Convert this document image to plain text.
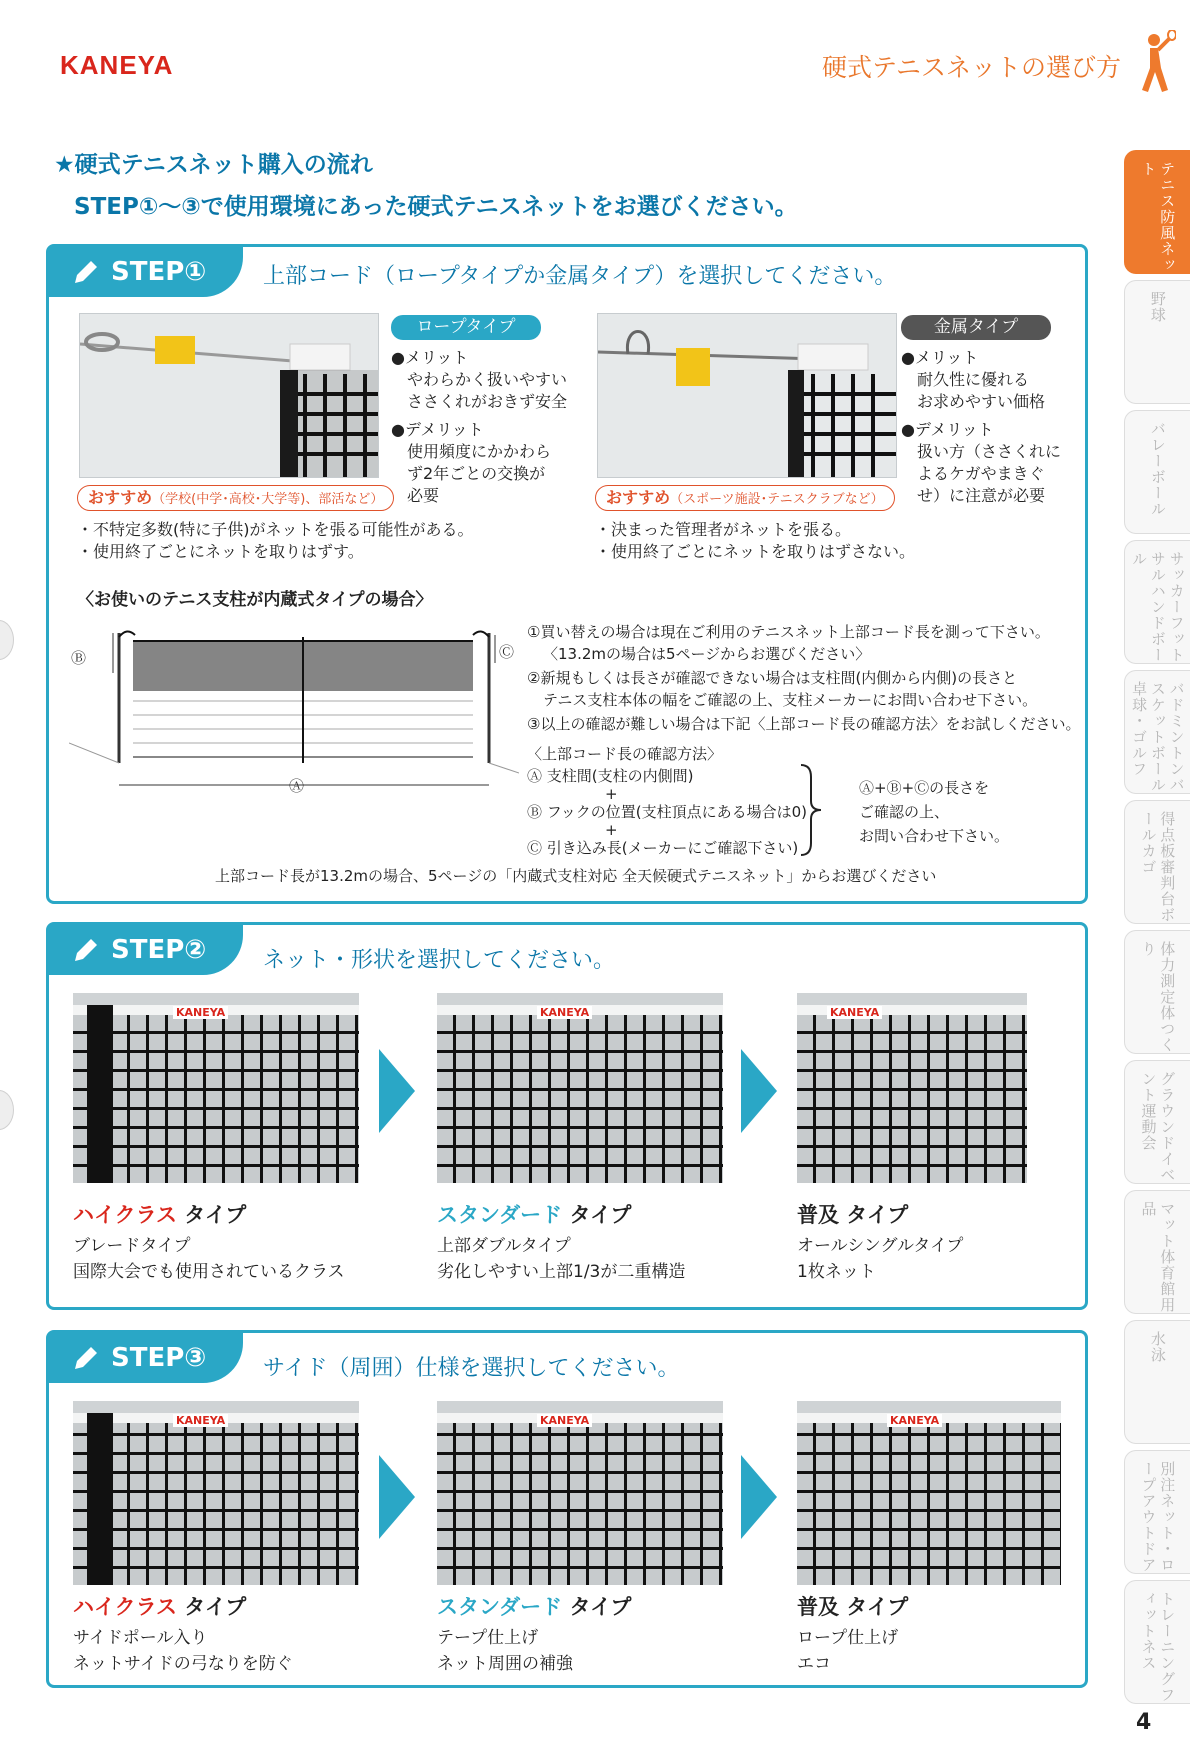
KANEYA	硬式テニスネットの選び方
テニス防風ネット
野球
バレーボール
サッカーフットサルハンドボール
バドミントンバスケットボール卓球・ゴルフ
得点板審判台ボールカゴ
体力測定体つくり
グラウンドイベント運動会
マット体育館用品
水泳
別注ネット・ロープアウトドア
トレーニングフィットネス
★硬式テニスネット購入の流れ
STEP①～③で使用環境にあった硬式テニスネットをお選びください。
STEP①	上部コード（ロープタイプか金属タイプ）を選択してください。
ロープタイプ
●メリット
やわらかく扱いやすい
ささくれがおきず安全
●デメリット
使用頻度にかかわら
ず2年ごとの交換が
必要
おすすめ（学校(中学･高校･大学等)、部活など）
・不特定多数(特に子供)がネットを張る可能性がある。
・使用終了ごとにネットを取りはずす。
金属タイプ
●メリット
耐久性に優れる
お求めやすい価格
●デメリット
扱い方（ささくれに
よるケガやまきぐ
せ）に注意が必要
おすすめ（スポーツ施設･テニスクラブなど）
・決まった管理者がネットを張る。
・使用終了ごとにネットを取りはずさない。
〈お使いのテニス支柱が内蔵式タイプの場合〉
Ⓑ	Ⓒ
Ⓐ
①買い替えの場合は現在ご利用のテニスネット上部コード長を測って下さい。
〈13.2mの場合は5ページからお選びください〉
②新規もしくは長さが確認できない場合は支柱間(内側から内側)の長さと
テニス支柱本体の幅をご確認の上、支柱メーカーにお問い合わせ下さい。
③以上の確認が難しい場合は下記〈上部コード長の確認方法〉をお試しください。
〈上部コード長の確認方法〉
Ⓐ 支柱間(支柱の内側間)
+
Ⓑ フックの位置(支柱頂点にある場合は0)
+
Ⓒ 引き込み長(メーカーにご確認下さい)
Ⓐ+Ⓑ+Ⓒの長さを
ご確認の上、
お問い合わせ下さい。
上部コード長が13.2mの場合、5ページの「内蔵式支柱対応 全天候硬式テニスネット」からお選びください
STEP②	ネット・形状を選択してください。
KANEYA	KANEYA	KANEYA
ハイクラス タイプ
ブレードタイプ
国際大会でも使用されているクラス
スタンダード タイプ
上部ダブルタイプ
劣化しやすい上部1/3が二重構造
普及 タイプ
オールシングルタイプ
1枚ネット
STEP③	サイド（周囲）仕様を選択してください。
KANEYA	KANEYA	KANEYA
ハイクラス タイプ
サイドポール入り
ネットサイドの弓なりを防ぐ
スタンダード タイプ
テープ仕上げ
ネット周囲の補強
普及 タイプ
ロープ仕上げ
エコ
4
